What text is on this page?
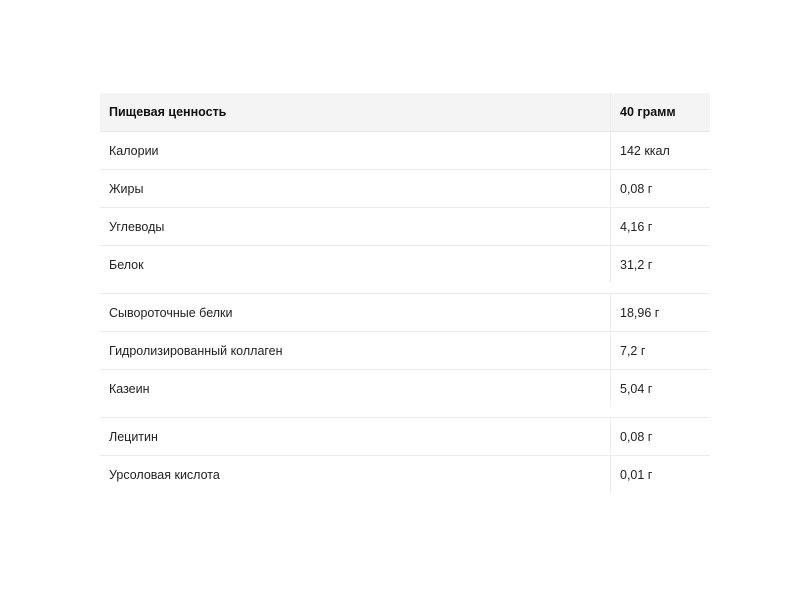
Пищевая ценность	40 грамм
Калории	142 ккал
Жиры	0,08 г
Углеводы	4,16 г
Белок	31,2 г
Сывороточные белки	18,96 г
Гидролизированный коллаген	7,2 г
Казеин	5,04 г
Лецитин	0,08 г
Урсоловая кислота	0,01 г
